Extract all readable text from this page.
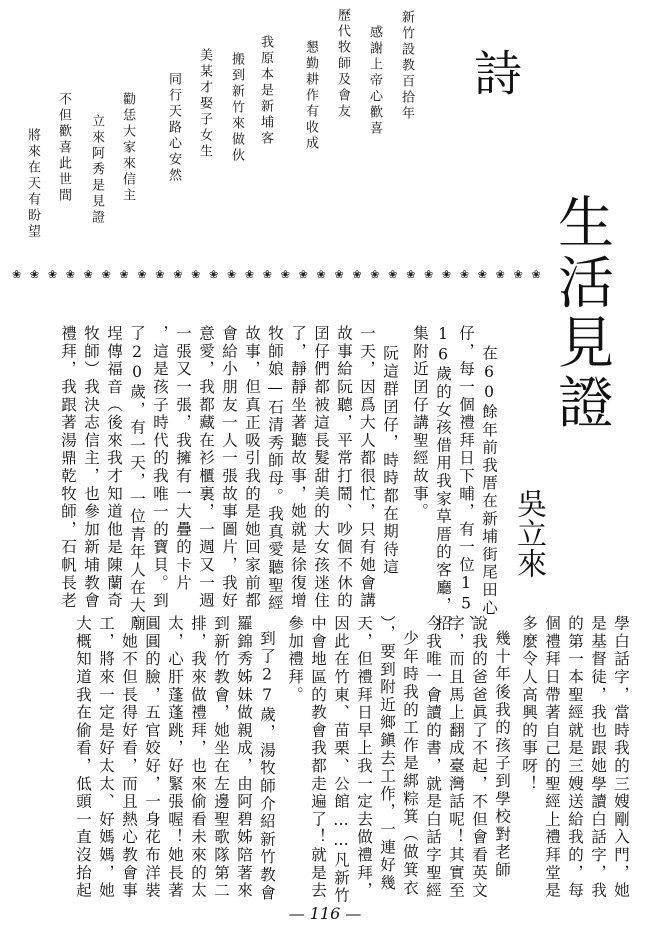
詩
新竹設教百拾年
感謝上帝心歡喜
歷代牧師及會友
懇勤耕作有收成
我原本是新埔客
搬到新竹來做伙
美某才娶子女生
同行天路心安然
勸恁大家來信主
立來阿秀是見證
不但歡喜此世間
將來在天有盼望
❀ ❀ ❀ ❀ ❀ ❀ ❀ ❀ ❀ ❀ ❀ ❀ ❀ ❀ ❀ ❀ ❀ ❀ ❀ ❀ ❀ ❀ ❀ ❀ ❀ ❀ ❀ ❀ ❀ ❀ 生活見證
吳立來
在60餘年前我厝在新埔街尾田心
仔，每一個禮拜日下晡，有一位15、
16歲的女孩借用我家草厝的客廳，招
集附近囝仔講聖經故事。
阮這群囝仔，時時都在期待這
一天，因爲大人都很忙，只有她會講
故事給阮聽，平常打鬧、吵個不休的
囝仔們都被這長髮甜美的大女孩迷住
了，靜靜坐著聽故事，她就是徐復增
牧師娘—石清秀師母。我真愛聽聖經
故事，但真正吸引我的是她回家前都
會給小朋友一人一張故事圖片，我好
意愛，我都藏在衫櫃裏，一週又一週
一張又一張，我擁有一大疊的卡片
，這是孩子時代的我唯一的寶貝。到
了20歲，有一天，一位青年人在大廟
埕傳福音（後來我才知道他是陳蘭奇
牧師）我決志信主，也參加新埔教會
禮拜，我跟著湯鼎乾牧師，石帆長老
學白話字，當時我的三嫂剛入門，她
是基督徒，我也跟她學讀白話字，我
的第一本聖經就是三嫂送給我的，每
個禮拜日帶著自己的聖經上禮拜堂是
多麼令人高興的事呀！
幾十年後我的孩子到學校對老師
說我的爸爸眞了不起，不但會看英文
字，而且馬上翻成臺灣話呢！其實至
今我唯一會讀的書，就是白話字聖經
少年時我的工作是綁粽箕（做箕衣
），要到附近鄉鎭去工作，一連好幾
天，但禮拜日早上我一定去做禮拜，
因此在竹東、苗栗、公館……凡新竹
中會地區的教會我都走遍了！就是去
參加禮拜。
到了27歲，湯牧師介紹新竹教會
羅錦秀姊妹做親成，由阿碧姊陪著來
到新竹教會，她坐在左邊聖歌隊第二
排，我來做禮拜，也來偷看未來的太
太，心肝蓬蓬跳，好緊張喔！她長著
圓圓的臉，五官姣好，一身花布洋裝
，她不但長得好看，而且熱心教會事
工，將來一定是好太太、好媽媽，她
大概知道我在偷看，低頭一直沒抬起
— 116 —
